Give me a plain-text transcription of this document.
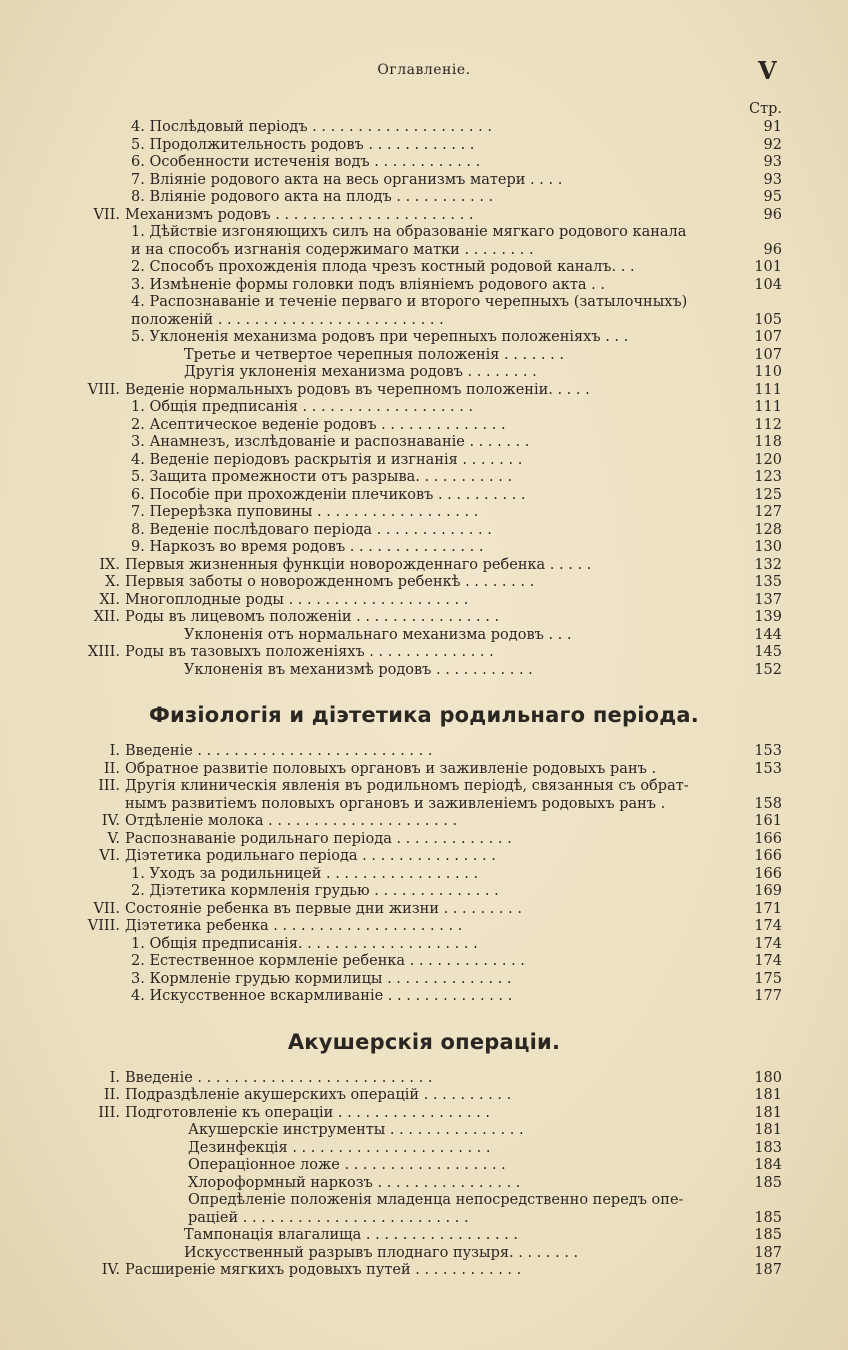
Оглавленіе.	V
Стр.
4. Послѣдовый періодъ . . . . . . . . . . . . . . . . . . . .	91
5. Продолжительность родовъ . . . . . . . . . . . .	92
6. Особенности истеченія водъ . . . . . . . . . . . .	93
7. Вліяніе родового акта на весь организмъ матери . . . .	93
8. Вліяніе родового акта на плодъ . . . . . . . . . . .	95
VII. Механизмъ родовъ . . . . . . . . . . . . . . . . . . . . . .	96
1. Дѣйствіе изгоняющихъ силъ на образованіе мягкаго родового канала
и на способъ изгнанія содержимаго матки . . . . . . . .	96
2. Способъ прохожденія плода чрезъ костный родовой каналъ. . .	101
3. Измѣненіе формы головки подъ вліяніемъ родового акта . .	104
4. Распознаваніе и теченіе перваго и второго черепныхъ (затылочныхъ)
положеній . . . . . . . . . . . . . . . . . . . . . . . . .	105
5. Уклоненія механизма родовъ при черепныхъ положеніяхъ . . .	107
Третье и четвертое черепныя положенія . . . . . . .	107
Другія уклоненія механизма родовъ . . . . . . . .	110
VIII. Веденіе нормальныхъ родовъ въ черепномъ положеніи. . . . .	111
1. Общія предписанія . . . . . . . . . . . . . . . . . . .	111
2. Асептическое веденіе родовъ . . . . . . . . . . . . . .	112
3. Анамнезъ, изслѣдованіе и распознаваніе . . . . . . .	118
4. Веденіе періодовъ раскрытія и изгнанія . . . . . . .	120
5. Защита промежности отъ разрыва. . . . . . . . . . .	123
6. Пособіе при прохожденіи плечиковъ . . . . . . . . . .	125
7. Перерѣзка пуповины . . . . . . . . . . . . . . . . . .	127
8. Веденіе послѣдоваго періода . . . . . . . . . . . . .	128
9. Наркозъ во время родовъ . . . . . . . . . . . . . . .	130
IX. Первыя жизненныя функціи новорожденнаго ребенка . . . . .	132
X. Первыя заботы о новорожденномъ ребенкѣ . . . . . . . .	135
XI. Многоплодные роды . . . . . . . . . . . . . . . . . . . .	137
XII. Роды въ лицевомъ положеніи . . . . . . . . . . . . . . . .	139
Уклоненія отъ нормальнаго механизма родовъ . . .	144
XIII. Роды въ тазовыхъ положеніяхъ . . . . . . . . . . . . . .	145
Уклоненія въ механизмѣ родовъ . . . . . . . . . . .	152
Физіологія и діэтетика родильнаго періода.
I. Введеніе . . . . . . . . . . . . . . . . . . . . . . . . . .	153
II. Обратное развитіе половыхъ органовъ и заживленіе родовыхъ ранъ .	153
III. Другія клиническія явленія въ родильномъ періодѣ, связанныя съ обрат-
нымъ развитіемъ половыхъ органовъ и заживленіемъ родовыхъ ранъ .	158
IV. Отдѣленіе молока . . . . . . . . . . . . . . . . . . . . .	161
V. Распознаваніе родильнаго періода . . . . . . . . . . . . .	166
VI. Діэтетика родильнаго періода . . . . . . . . . . . . . . .	166
1. Уходъ за родильницей . . . . . . . . . . . . . . . . .	166
2. Діэтетика кормленія грудью . . . . . . . . . . . . . .	169
VII. Состояніе ребенка въ первые дни жизни . . . . . . . . .	171
VIII. Діэтетика ребенка . . . . . . . . . . . . . . . . . . . . .	174
1. Общія предписанія. . . . . . . . . . . . . . . . . . . .	174
2. Естественное кормленіе ребенка . . . . . . . . . . . . .	174
3. Кормленіе грудью кормилицы . . . . . . . . . . . . . .	175
4. Искусственное вскармливаніе . . . . . . . . . . . . . .	177
Акушерскія операціи.
I. Введеніе . . . . . . . . . . . . . . . . . . . . . . . . . .	180
II. Подраздѣленіе акушерскихъ операцій . . . . . . . . . .	181
III. Подготовленіе къ операціи . . . . . . . . . . . . . . . . .	181
Акушерскіе инструменты . . . . . . . . . . . . . . .	181
Дезинфекція . . . . . . . . . . . . . . . . . . . . . .	183
Операціонное ложе . . . . . . . . . . . . . . . . . .	184
Хлороформный наркозъ . . . . . . . . . . . . . . . .	185
Опредѣленіе положенія младенца непосредственно передъ опе-
раціей . . . . . . . . . . . . . . . . . . . . . . . . .	185
Тампонація влагалища . . . . . . . . . . . . . . . . .	185
Искусственный разрывъ плоднаго пузыря. . . . . . . .	187
IV. Расширеніе мягкихъ родовыхъ путей . . . . . . . . . . . .	187
